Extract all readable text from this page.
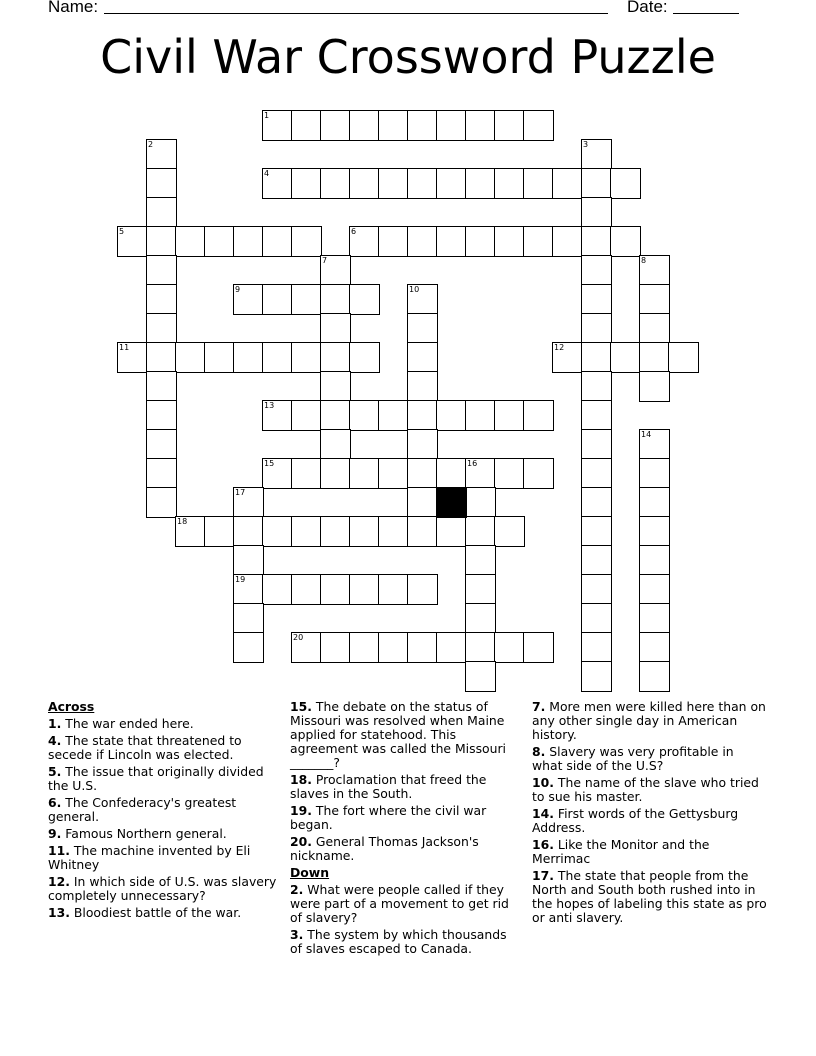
Name:	Date:
Civil War Crossword Puzzle
1
2	3
4
5	6
7	8
9	10
11	12
13
14
15	16
17
18
19
20
Across
1. The war ended here.
4. The state that threatened to secede if Lincoln was elected.
5. The issue that originally divided the U.S.
6. The Confederacy's greatest general.
9. Famous Northern general.
11. The machine invented by Eli Whitney
12. In which side of U.S. was slavery completely unnecessary?
13. Bloodiest battle of the war.
15. The debate on the status of Missouri was resolved when Maine applied for statehood. This agreement was called the Missouri _______?
18. Proclamation that freed the slaves in the South.
19. The fort where the civil war began.
20. General Thomas Jackson's nickname.
Down
2. What were people called if they were part of a movement to get rid of slavery?
3. The system by which thousands of slaves escaped to Canada.
7. More men were killed here than on any other single day in American history.
8. Slavery was very profitable in what side of the U.S?
10. The name of the slave who tried to sue his master.
14. First words of the Gettysburg Address.
16. Like the Monitor and the Merrimac
17. The state that people from the North and South both rushed into in the hopes of labeling this state as pro or anti slavery.
